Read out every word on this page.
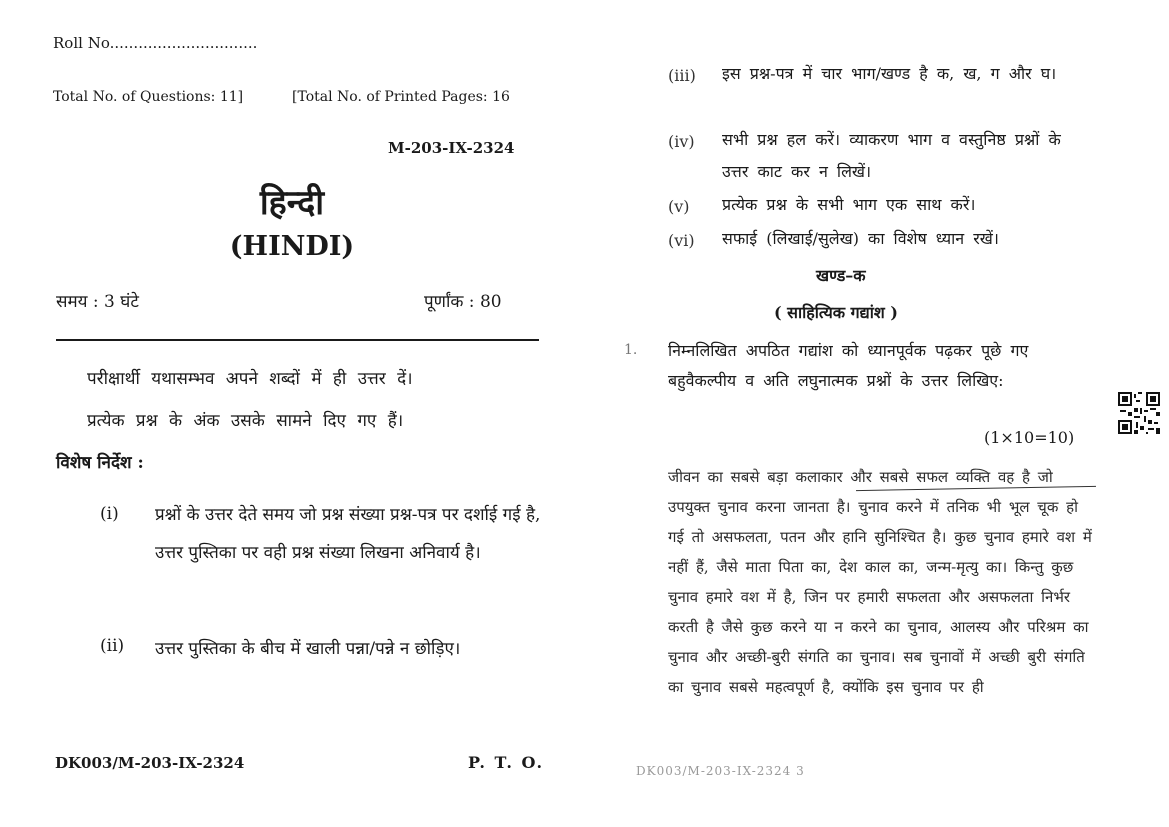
Roll No...............................
Total No. of Questions: 11]	[Total No. of Printed Pages: 16
M-203-IX-2324
हिन्दी
(HINDI)
समय : 3 घंटे	पूर्णांक : 80
परीक्षार्थी यथासम्भव अपने शब्दों में ही उत्तर दें।
प्रत्येक प्रश्न के अंक उसके सामने दिए गए हैं।
विशेष निर्देश :
(i) प्रश्नों के उत्तर देते समय जो प्रश्न संख्या प्रश्न-पत्र पर दर्शाई गई है, उत्तर पुस्तिका पर वही प्रश्न संख्या लिखना अनिवार्य है।
(ii) उत्तर पुस्तिका के बीच में खाली पन्ना/पन्ने न छोड़िए।
DK003/M-203-IX-2324	P. T. O.
(iii) इस प्रश्न-पत्र में चार भाग/खण्ड है क, ख, ग और घ।
(iv) सभी प्रश्न हल करें। व्याकरण भाग व वस्तुनिष्ठ प्रश्नों के उत्तर काट कर न लिखें।
(v) प्रत्येक प्रश्न के सभी भाग एक साथ करें।
(vi) सफाई (लिखाई/सुलेख) का विशेष ध्यान रखें।
खण्ड–क
( साहित्यिक गद्यांश )
1. निम्नलिखित अपठित गद्यांश को ध्यानपूर्वक पढ़कर पूछे गए बहुवैकल्पीय व अति लघुनात्मक प्रश्नों के उत्तर लिखिए:
(1×10=10)
जीवन का सबसे बड़ा कलाकार और सबसे सफल व्यक्ति वह है जो उपयुक्त चुनाव करना जानता है। चुनाव करने में तनिक भी भूल चूक हो गई तो असफलता, पतन और हानि सुनिश्चित है। कुछ चुनाव हमारे वश में नहीं हैं, जैसे माता पिता का, देश काल का, जन्म-मृत्यु का। किन्तु कुछ चुनाव हमारे वश में है, जिन पर हमारी सफलता और असफलता निर्भर करती है जैसे कुछ करने या न करने का चुनाव, आलस्य और परिश्रम का चुनाव और अच्छी-बुरी संगति का चुनाव। सब चुनावों में अच्छी बुरी संगति का चुनाव सबसे महत्वपूर्ण है, क्योंकि इस चुनाव पर ही
DK003/M-203-IX-2324 3
